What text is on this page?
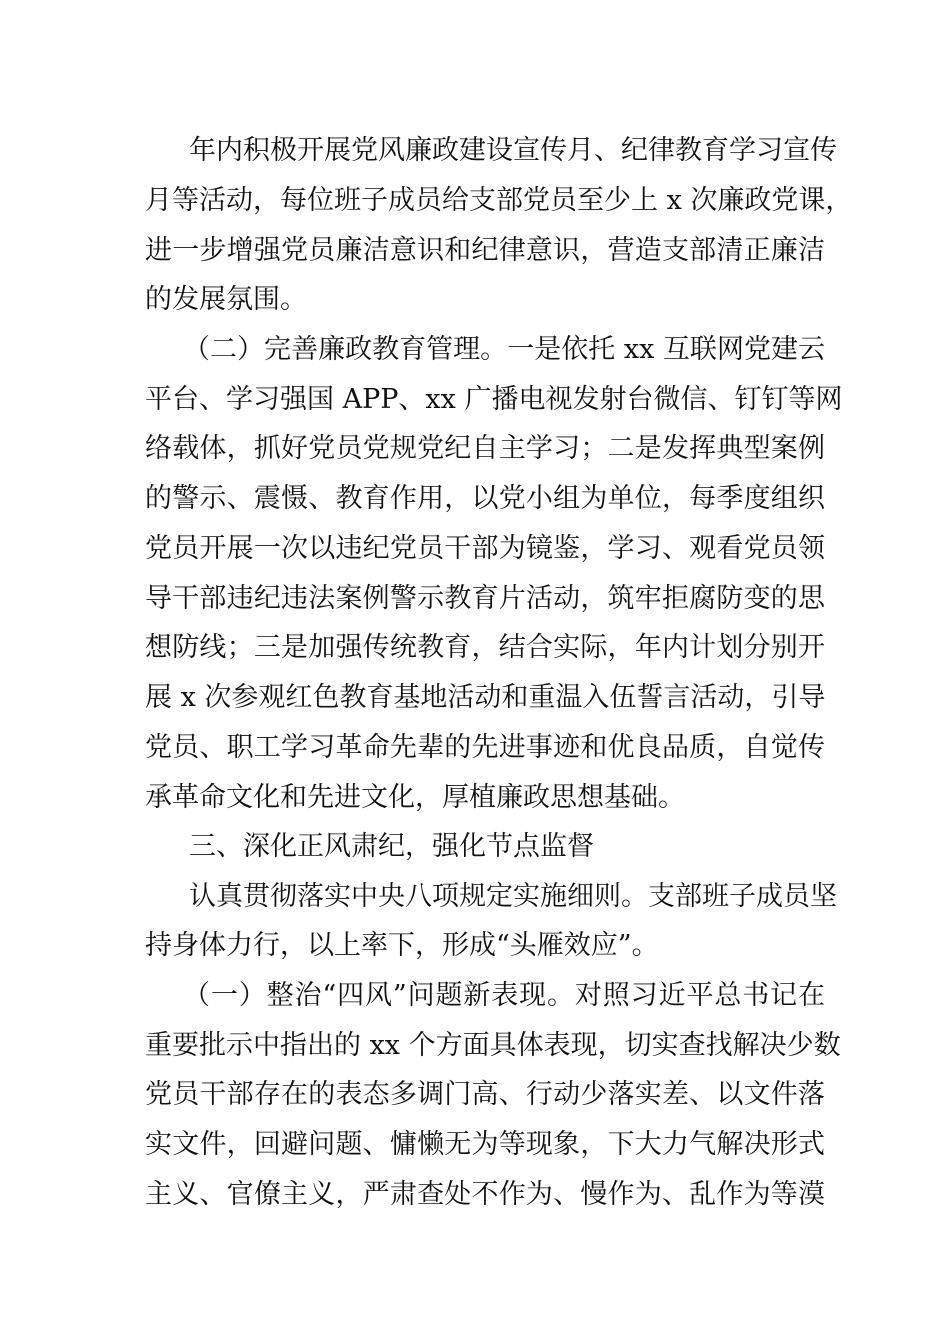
年内积极开展党风廉政建设宣传月、纪律教育学习宣传
月等活动，每位班子成员给支部党员至少上 x 次廉政党课，
进一步增强党员廉洁意识和纪律意识，营造支部清正廉洁
的发展氛围。
（二）完善廉政教育管理。一是依托 xx 互联网党建云
平台、学习强国 APP、xx 广播电视发射台微信、钉钉等网
络载体，抓好党员党规党纪自主学习；二是发挥典型案例
的警示、震慑、教育作用，以党小组为单位，每季度组织
党员开展一次以违纪党员干部为镜鉴，学习、观看党员领
导干部违纪违法案例警示教育片活动，筑牢拒腐防变的思
想防线；三是加强传统教育，结合实际，年内计划分别开
展 x 次参观红色教育基地活动和重温入伍誓言活动，引导
党员、职工学习革命先辈的先进事迹和优良品质，自觉传
承革命文化和先进文化，厚植廉政思想基础。
三、深化正风肃纪，强化节点监督
认真贯彻落实中央八项规定实施细则。支部班子成员坚
持身体力行，以上率下，形成“头雁效应”。
（一）整治“四风”问题新表现。对照习近平总书记在
重要批示中指出的 xx 个方面具体表现，切实查找解决少数
党员干部存在的表态多调门高、行动少落实差、以文件落
实文件，回避问题、慵懒无为等现象，下大力气解决形式
主义、官僚主义，严肃查处不作为、慢作为、乱作为等漠
